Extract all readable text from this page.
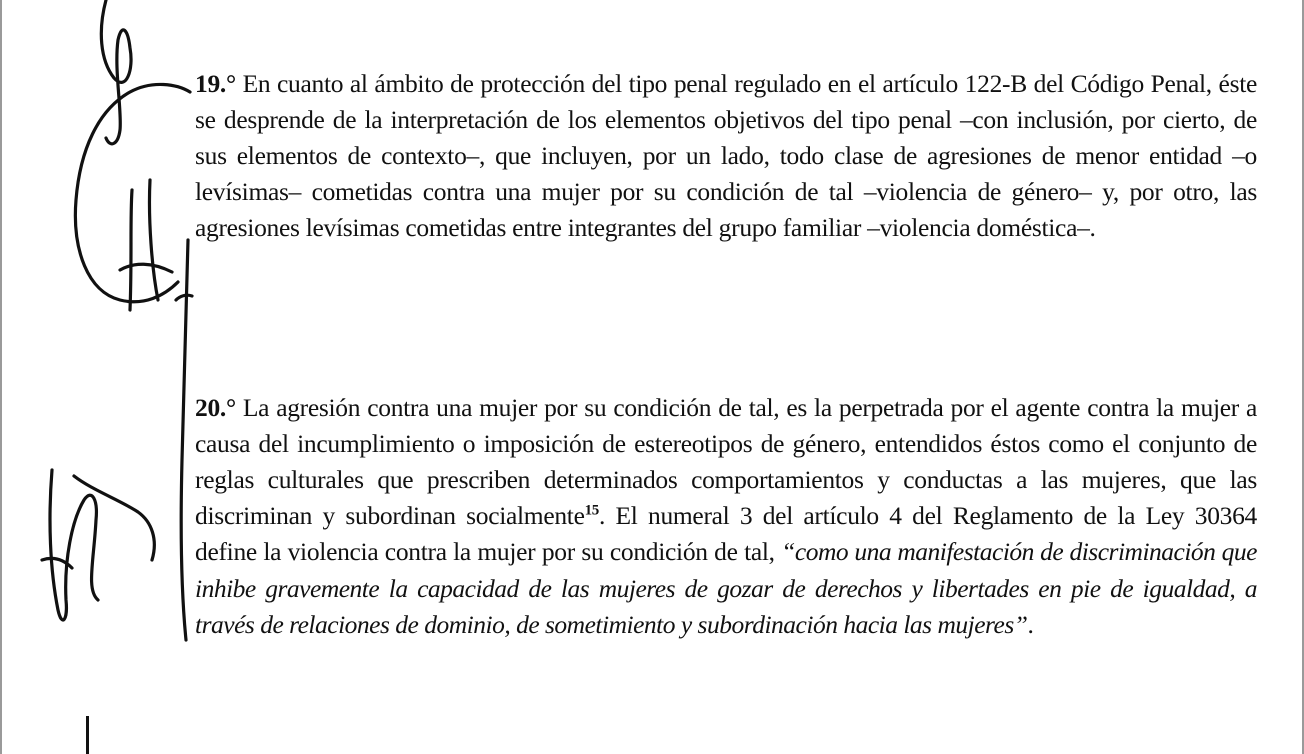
19.° En cuanto al ámbito de protección del tipo penal regulado en el artículo 122-B del Código Penal, éste se desprende de la interpretación de los elementos objetivos del tipo penal –con inclusión, por cierto, de sus elementos de contexto–, que incluyen, por un lado, todo clase de agresiones de menor entidad –o levísimas– cometidas contra una mujer por su condición de tal –violencia de género– y, por otro, las agresiones levísimas cometidas entre integrantes del grupo familiar –violencia doméstica–.

20.° La agresión contra una mujer por su condición de tal, es la perpetrada por el agente contra la mujer a causa del incumplimiento o imposición de estereotipos de género, entendidos éstos como el conjunto de reglas culturales que prescriben determinados comportamientos y conductas a las mujeres, que las discriminan y subordinan socialmente$^{15}$. El numeral 3 del artículo 4 del Reglamento de la Ley 30364 define la violencia contra la mujer por su condición de tal, “como una manifestación de discriminación que inhibe gravemente la capacidad de las mujeres de gozar de derechos y libertades en pie de igualdad, a través de relaciones de dominio, de sometimiento y subordinación hacia las mujeres”.
